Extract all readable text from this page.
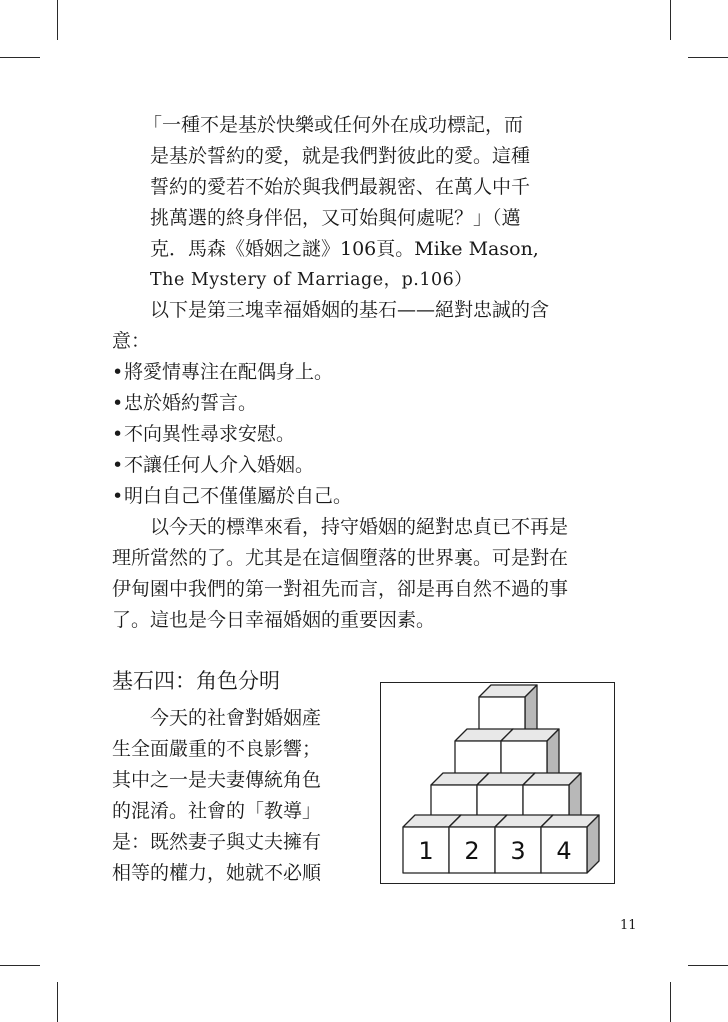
「一種不是基於快樂或任何外在成功標記，而
是基於誓約的愛，就是我們對彼此的愛。這種
誓約的愛若不始於與我們最親密、在萬人中千
挑萬選的終身伴侶，又可始與何處呢？」（邁
克．馬森《婚姻之謎》106頁。Mike Mason,
The Mystery of Marriage，p.106）
以下是第三塊幸福婚姻的基石——絕對忠誠的含
意：
•將愛情專注在配偶身上。
•忠於婚約誓言。
•不向異性尋求安慰。
•不讓任何人介入婚姻。
•明白自己不僅僅屬於自己。
以今天的標準來看，持守婚姻的絕對忠貞已不再是
理所當然的了。尤其是在這個墮落的世界裏。可是對在
伊甸園中我們的第一對祖先而言，卻是再自然不過的事
了。這也是今日幸福婚姻的重要因素。
基石四：角色分明
今天的社會對婚姻產
生全面嚴重的不良影響；
其中之一是夫妻傳統角色
的混淆。社會的「教導」
是：既然妻子與丈夫擁有
相等的權力，她就不必順
1 2 3 4
11
